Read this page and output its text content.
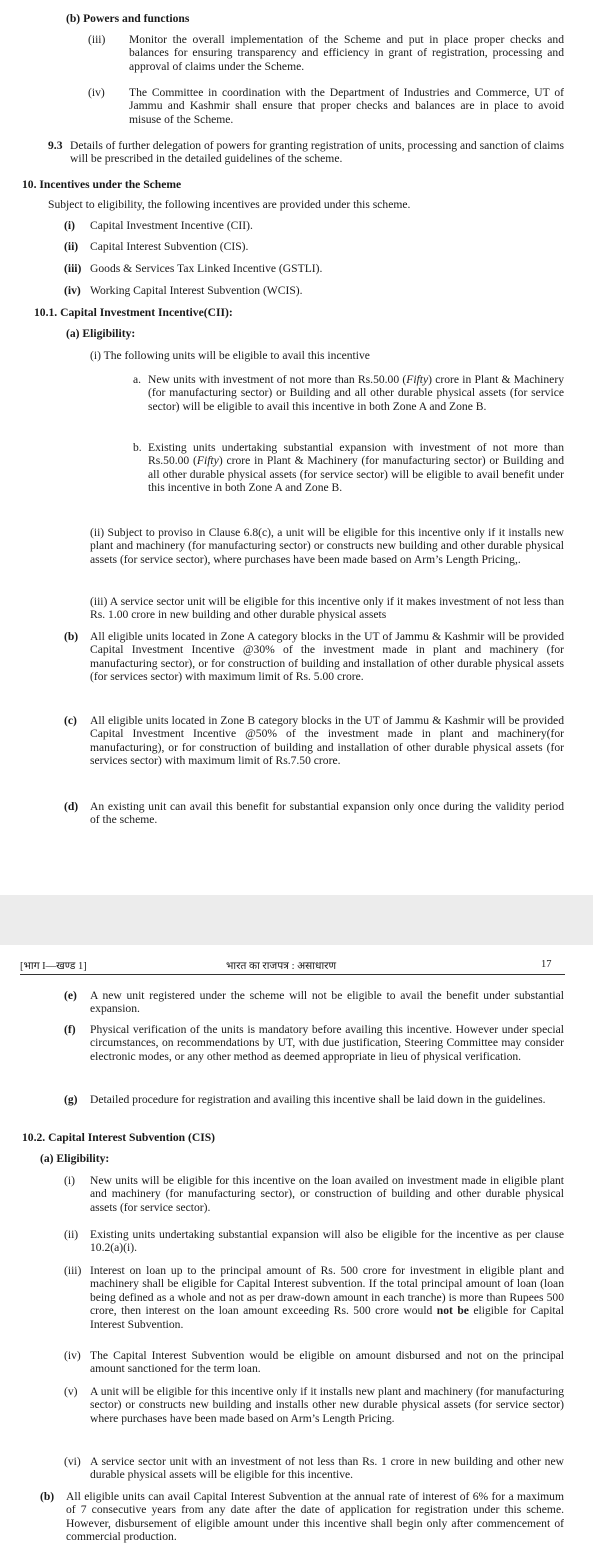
(b) Powers and functions
(iii) Monitor the overall implementation of the Scheme and put in place proper checks and balances for ensuring transparency and efficiency in grant of registration, processing and approval of claims under the Scheme.
(iv) The Committee in coordination with the Department of Industries and Commerce, UT of Jammu and Kashmir shall ensure that proper checks and balances are in place to avoid misuse of the Scheme.
9.3 Details of further delegation of powers for granting registration of units, processing and sanction of claims will be prescribed in the detailed guidelines of the scheme.
10. Incentives under the Scheme
Subject to eligibility, the following incentives are provided under this scheme.
(i) Capital Investment Incentive (CII).
(ii) Capital Interest Subvention (CIS).
(iii) Goods & Services Tax Linked Incentive (GSTLI).
(iv) Working Capital Interest Subvention (WCIS).
10.1. Capital Investment Incentive(CII):
(a) Eligibility:
(i) The following units will be eligible to avail this incentive
a. New units with investment of not more than Rs.50.00 (Fifty) crore in Plant & Machinery (for manufacturing sector) or Building and all other durable physical assets (for service sector) will be eligible to avail this incentive in both Zone A and Zone B.
b. Existing units undertaking substantial expansion with investment of not more than Rs.50.00 (Fifty) crore in Plant & Machinery (for manufacturing sector) or Building and all other durable physical assets (for service sector) will be eligible to avail benefit under this incentive in both Zone A and Zone B.
(ii) Subject to proviso in Clause 6.8(c), a unit will be eligible for this incentive only if it installs new plant and machinery (for manufacturing sector) or constructs new building and other durable physical assets (for service sector), where purchases have been made based on Arm’s Length Pricing,.
(iii) A service sector unit will be eligible for this incentive only if it makes investment of not less than Rs. 1.00 crore in new building and other durable physical assets
(b) All eligible units located in Zone A category blocks in the UT of Jammu & Kashmir will be provided Capital Investment Incentive @30% of the investment made in plant and machinery (for manufacturing sector), or for construction of building and installation of other durable physical assets (for services sector) with maximum limit of Rs. 5.00 crore.
(c) All eligible units located in Zone B category blocks in the UT of Jammu & Kashmir will be provided Capital Investment Incentive @50% of the investment made in plant and machinery(for manufacturing), or for construction of building and installation of other durable physical assets (for services sector) with maximum limit of Rs.7.50 crore.
(d) An existing unit can avail this benefit for substantial expansion only once during the validity period of the scheme.
[भाग I—खण्ड 1]	भारत का राजपत्र : असाधारण	17
(e) A new unit registered under the scheme will not be eligible to avail the benefit under substantial expansion.
(f) Physical verification of the units is mandatory before availing this incentive. However under special circumstances, on recommendations by UT, with due justification, Steering Committee may consider electronic modes, or any other method as deemed appropriate in lieu of physical verification.
(g) Detailed procedure for registration and availing this incentive shall be laid down in the guidelines.
10.2. Capital Interest Subvention (CIS)
(a) Eligibility:
(i) New units will be eligible for this incentive on the loan availed on investment made in eligible plant and machinery (for manufacturing sector), or construction of building and other durable physical assets (for service sector).
(ii) Existing units undertaking substantial expansion will also be eligible for the incentive as per clause 10.2(a)(i).
(iii) Interest on loan up to the principal amount of Rs. 500 crore for investment in eligible plant and machinery shall be eligible for Capital Interest subvention. If the total principal amount of loan (loan being defined as a whole and not as per draw-down amount in each tranche) is more than Rupees 500 crore, then interest on the loan amount exceeding Rs. 500 crore would not be eligible for Capital Interest Subvention.
(iv) The Capital Interest Subvention would be eligible on amount disbursed and not on the principal amount sanctioned for the term loan.
(v) A unit will be eligible for this incentive only if it installs new plant and machinery (for manufacturing sector) or constructs new building and installs other new durable physical assets (for service sector) where purchases have been made based on Arm’s Length Pricing.
(vi) A service sector unit with an investment of not less than Rs. 1 crore in new building and other new durable physical assets will be eligible for this incentive.
(b) All eligible units can avail Capital Interest Subvention at the annual rate of interest of 6% for a maximum of 7 consecutive years from any date after the date of application for registration under this scheme. However, disbursement of eligible amount under this incentive shall begin only after commencement of commercial production.
